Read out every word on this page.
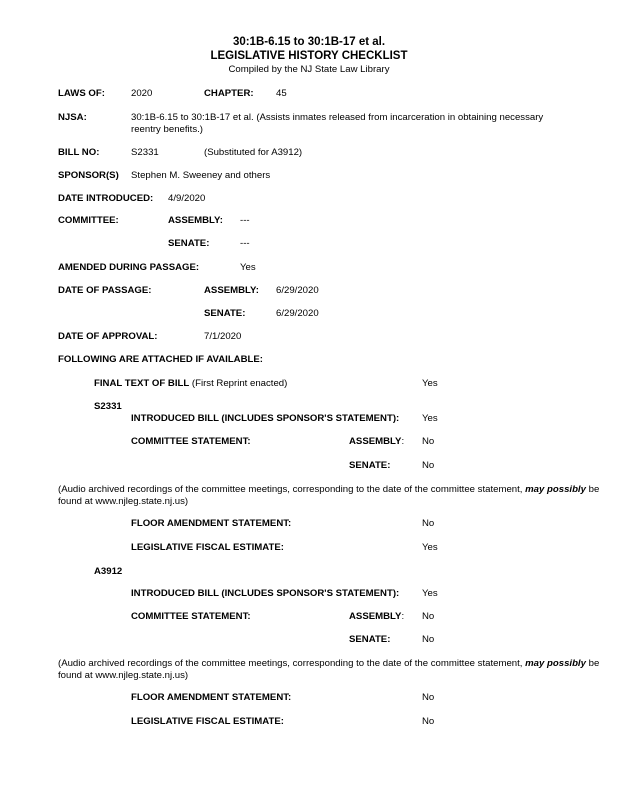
30:1B-6.15 to 30:1B-17 et al.
LEGISLATIVE HISTORY CHECKLIST
Compiled by the NJ State Law Library
LAWS OF:	2020	CHAPTER: 45
NJSA:	30:1B-6.15 to 30:1B-17 et al. (Assists inmates released from incarceration in obtaining necessary reentry benefits.)
BILL NO:	S2331	(Substituted for A3912)
SPONSOR(S) Stephen M. Sweeney and others
DATE INTRODUCED: 4/9/2020
COMMITTEE:	ASSEMBLY: ---
SENATE:	---
AMENDED DURING PASSAGE:	Yes
DATE OF PASSAGE:	ASSEMBLY: 6/29/2020
SENATE:	6/29/2020
DATE OF APPROVAL:	7/1/2020
FOLLOWING ARE ATTACHED IF AVAILABLE:
FINAL TEXT OF BILL (First Reprint enacted)	Yes
S2331
INTRODUCED BILL (INCLUDES SPONSOR'S STATEMENT): Yes
COMMITTEE STATEMENT:	ASSEMBLY: No
SENATE:	No
(Audio archived recordings of the committee meetings, corresponding to the date of the committee statement, may possibly be found at www.njleg.state.nj.us)
FLOOR AMENDMENT STATEMENT:	No
LEGISLATIVE FISCAL ESTIMATE:	Yes
A3912
INTRODUCED BILL (INCLUDES SPONSOR'S STATEMENT): Yes
COMMITTEE STATEMENT:	ASSEMBLY: No
SENATE:	No
(Audio archived recordings of the committee meetings, corresponding to the date of the committee statement, may possibly be found at www.njleg.state.nj.us)
FLOOR AMENDMENT STATEMENT:	No
LEGISLATIVE FISCAL ESTIMATE:	No
